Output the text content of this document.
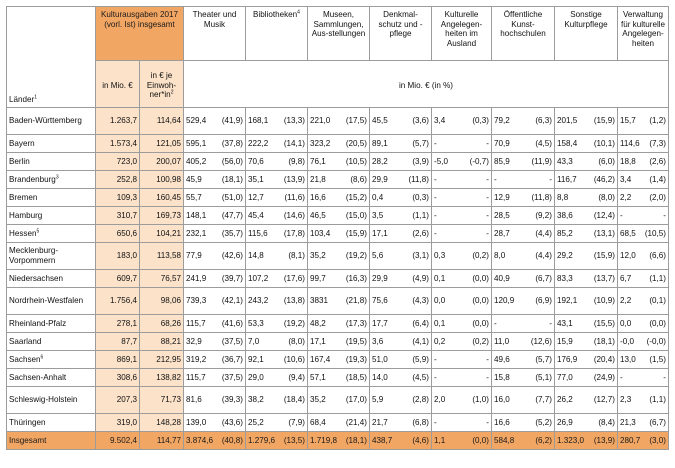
Länder$^1$	Kulturausgaben 2017 (vorl. Ist) insgesamt		Theater und Musik	Bibliotheken$^4$	Museen, Sammlungen, Aus-stellungen	Denkmal-schutz und -pflege	Kulturelle Angelegen-heiten im Ausland	Öffentliche Kunst-hochschulen	Sonstige Kulturpflege	Verwaltung für kulturelle Angelegen-heiten
	in Mio. €	in € je Einwoh-$ner*in^2$	in Mio. € (in %)							
Baden-Württemberg	1.263,7	114,64	529,4 (41,9)	168,1 (13,3)	221,0 (17,5)	45,5 (3,6)	3,4 (0,3)	79,2 (6,3)	201,5 (15,9)	15,7 (1,2)

Bayern	1.573,4	121,05	595,1 (37,8)	222,2 (14,1)	323,2 (20,5)	89,1 (5,7)	- -	70,9 (4,5)	158,4 (10,1)	114,6 (7,3)

Berlin	723,0	200,07	405,2 (56,0)	70,6 (9,8)	76,1 (10,5)	28,2 (3,9)	-5,0 (-0,7)	85,9 (11,9)	43,3 (6,0)	18,8 (2,6)

Brandenburg$^3$	252,8	100,98	45,9 (18,1)	35,1 (13,9)	21,8 (8,6)	29,9 (11,8)	- -	- -	116,7 (46,2)	3,4 (1,4)

Bremen	109,3	160,45	55,7 (51,0)	12,7 (11,6)	16,6 (15,2)	0,4 (0,3)	- -	12,9 (11,8)	8,8 (8,0)	2,2 (2,0)

Hamburg	310,7	169,73	148,1 (47,7)	45,4 (14,6)	46,5 (15,0)	3,5 (1,1)	- -	28,5 (9,2)	38,6 (12,4)	- -

Hessen$^5$	650,6	104,21	232,1 (35,7)	115,6 (17,8)	103,4 (15,9)	17,1 (2,6)	- -	28,7 (4,4)	85,2 (13,1)	68,5 (10,5)

Mecklenburg-Vorpommern	183,0	113,58	77,9 (42,6)	14,8 (8,1)	35,2 (19,2)	5,6 (3,1)	0,3 (0,2)	8,0 (4,4)	29,2 (15,9)	12,0 (6,6)

Niedersachsen	609,7	76,57	241,9 (39,7)	107,2 (17,6)	99,7 (16,3)	29,9 (4,9)	0,1 (0,0)	40,9 (6,7)	83,3 (13,7)	6,7 (1,1)

Nordrhein-Westfalen	1.756,4	98,06	739,3 (42,1)	243,2 (13,8)	3831 (21,8)	75,6 (4,3)	0,0 (0,0)	120,9 (6,9)	192,1 (10,9)	2,2 (0,1)

Rheinland-Pfalz	278,1	68,26	115,7 (41,6)	53,3 (19,2)	48,2 (17,3)	17,7 (6,4)	0,1 (0,0)	- -	43,1 (15,5)	0,0 (0,0)

Saarland	87,7	88,21	32,9 (37,5)	7,0 (8,0)	17,1 (19,5)	3,6 (4,1)	0,2 (0,2)	11,0 (12,6)	15,9 (18,1)	-0,0 (-0,0)

Sachsen$^6$	869,1	212,95	319,2 (36,7)	92,1 (10,6)	167,4 (19,3)	51,0 (5,9)	- -	49,6 (5,7)	176,9 (20,4)	13,0 (1,5)

Sachsen-Anhalt	308,6	138,82	115,7 (37,5)	29,0 (9,4)	57,1 (18,5)	14,0 (4,5)	- -	15,8 (5,1)	77,0 (24,9)	- -

Schleswig-Holstein	207,3	71,73	81,6 (39,3)	38,2 (18,4)	35,2 (17,0)	5,9 (2,8)	2,0 (1,0)	16,0 (7,7)	26,2 (12,7)	2,3 (1,1)

Thüringen	319,0	148,28	139,0 (43,6)	25,2 (7,9)	68,4 (21,4)	21,7 (6,8)	- -	16,6 (5,2)	26,9 (8,4)	21,3 (6,7)

Insgesamt	9.502,4	114,77	3.874,6 (40,8)	1.279,6 (13,5)	1.719,8 (18,1)	438,7 (4,6)	1,1 (0,0)	584,8 (6,2)	1.323,0 (13,9)	280,7 (3,0)
